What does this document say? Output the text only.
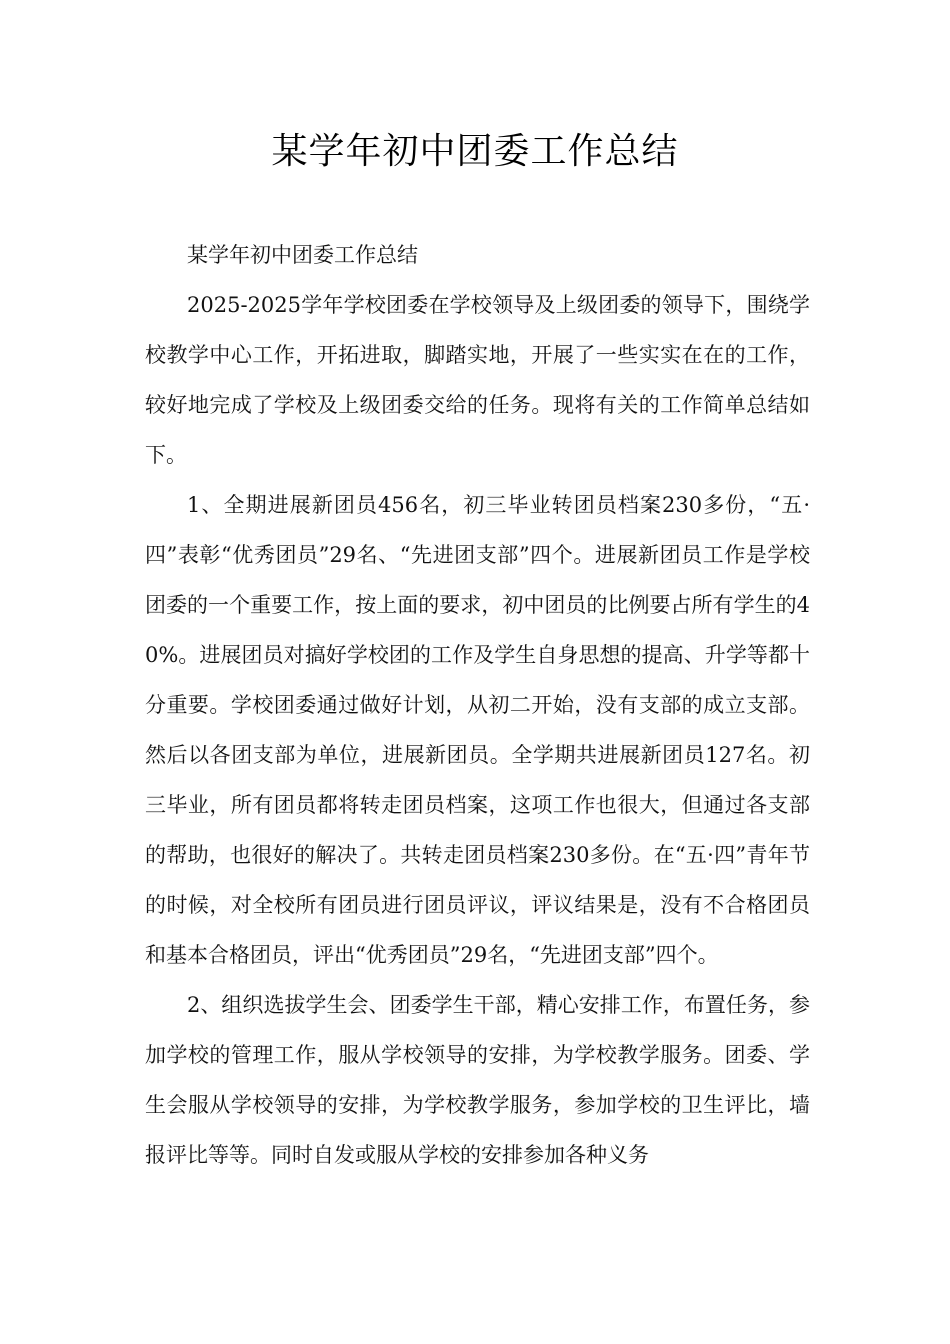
某学年初中团委工作总结

某学年初中团委工作总结

2025-2025学年学校团委在学校领导及上级团委的领导下，围绕学校教学中心工作，开拓进取，脚踏实地，开展了一些实实在在的工作，较好地完成了学校及上级团委交给的任务。现将有关的工作简单总结如下。

1、全期进展新团员456名，初三毕业转团员档案230多份，“五·四”表彰“优秀团员”29名、“先进团支部”四个。进展新团员工作是学校团委的一个重要工作，按上面的要求，初中团员的比例要占所有学生的40%。进展团员对搞好学校团的工作及学生自身思想的提高、升学等都十分重要。学校团委通过做好计划，从初二开始，没有支部的成立支部。然后以各团支部为单位，进展新团员。全学期共进展新团员127名。初三毕业，所有团员都将转走团员档案，这项工作也很大，但通过各支部的帮助，也很好的解决了。共转走团员档案230多份。在“五·四”青年节的时候，对全校所有团员进行团员评议，评议结果是，没有不合格团员和基本合格团员，评出“优秀团员”29名，“先进团支部”四个。

2、组织选拔学生会、团委学生干部，精心安排工作，布置任务，参加学校的管理工作，服从学校领导的安排，为学校教学服务。团委、学生会服从学校领导的安排，为学校教学服务，参加学校的卫生评比，墙报评比等等。同时自发或服从学校的安排参加各种义务
